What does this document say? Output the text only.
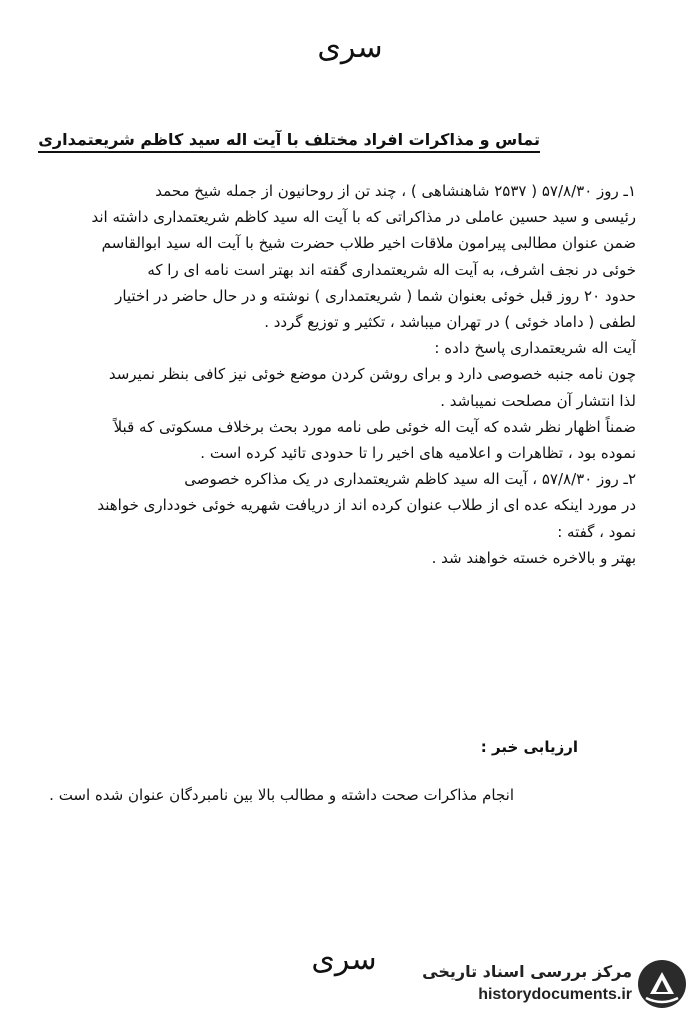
سری
تماس و مذاکرات افراد مختلف با آیت اله سید کاظم شریعتمداری
۱ـ روز ۵۷/۸/۳۰ ( ۲۵۳۷ شاهنشاهی ) ، چند تن از روحانیون از جمله شیخ محمد
رئیسی و سید حسین عاملی در مذاکراتی که با آیت اله سید کاظم شریعتمداری داشته اند
ضمن عنوان مطالبی پیرامون ملاقات اخیر طلاب حضرت شیخ با آیت اله سید ابوالقاسم
خوئی در نجف اشرف، به آیت اله شریعتمداری گفته اند بهتر است نامه ای را که
حدود ۲۰ روز قبل خوئی بعنوان شما ( شریعتمداری ) نوشته و در حال حاضر در اختیار
لطفی ( داماد خوئی ) در تهران میباشد ، تکثیر و توزیع گردد .
آیت اله شریعتمداری پاسخ داده :
چون نامه جنبه خصوصی دارد و برای روشن کردن موضع خوئی نیز کافی بنظر نمیرسد
لذا انتشار آن مصلحت نمیباشد .
ضمناً اظهار نظر شده که آیت اله خوئی طی نامه مورد بحث برخلاف مسکوتی که قبلاً
نموده بود ، تظاهرات و اعلامیه های اخیر را تا حدودی تائید کرده است .
۲ـ روز ۵۷/۸/۳۰ ، آیت اله سید کاظم شریعتمداری در یک مذاکره خصوصی
در مورد اینکه عده ای از طلاب عنوان کرده اند از دریافت شهریه خوئی خودداری خواهند
نمود ، گفته :
بهتر و بالاخره خسته خواهند شد .
ارزیابی خبر :
انجام مذاکرات صحت داشته و مطالب بالا بین نامبردگان عنوان شده است .
سری	مرکز بررسی اسناد تاریخی
historydocuments.ir
